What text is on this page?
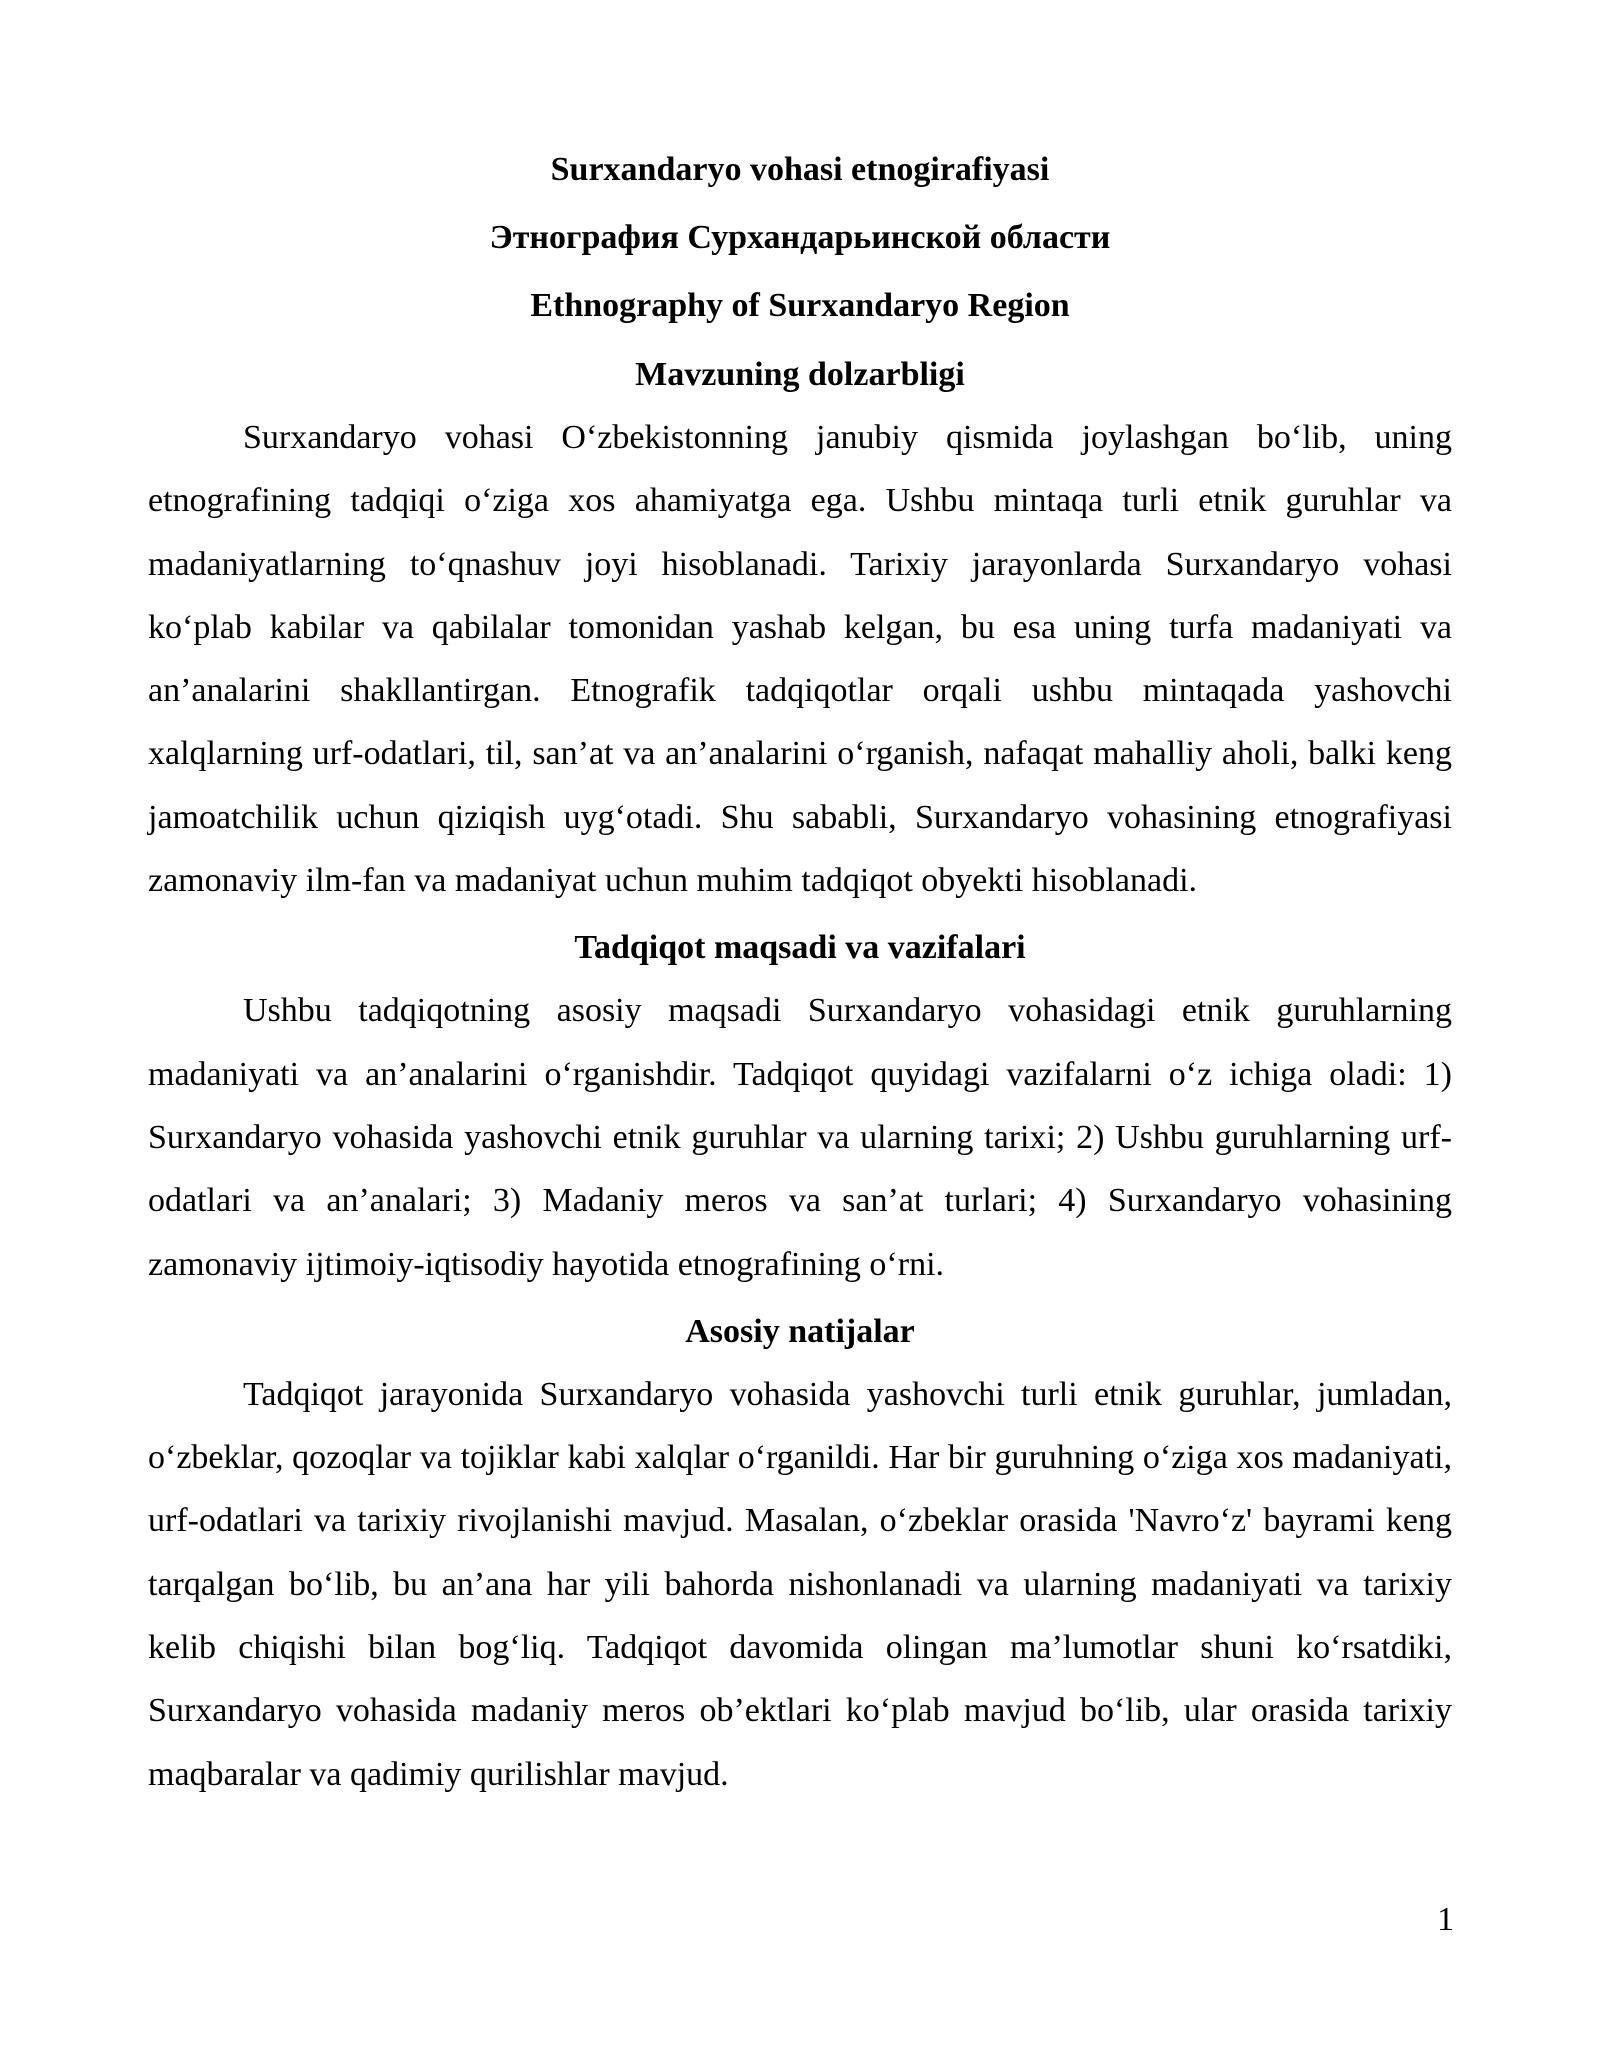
Surxandaryo vohasi etnogirafiyasi

Этнография Сурхандарьинской области

Ethnography of Surxandaryo Region

Mavzuning dolzarbligi

Surxandaryo vohasi O‘zbekistonning janubiy qismida joylashgan bo‘lib, uning etnografining tadqiqi o‘ziga xos ahamiyatga ega. Ushbu mintaqa turli etnik guruhlar va madaniyatlarning to‘qnashuv joyi hisoblanadi. Tarixiy jarayonlarda Surxandaryo vohasi ko‘plab kabilar va qabilalar tomonidan yashab kelgan, bu esa uning turfa madaniyati va an’analarini shakllantirgan. Etnografik tadqiqotlar orqali ushbu mintaqada yashovchi xalqlarning urf-odatlari, til, san’at va an’analarini o‘rganish, nafaqat mahalliy aholi, balki keng jamoatchilik uchun qiziqish uyg‘otadi. Shu sababli, Surxandaryo vohasining etnografiyasi zamonaviy ilm-fan va madaniyat uchun muhim tadqiqot obyekti hisoblanadi.

Tadqiqot maqsadi va vazifalari

Ushbu tadqiqotning asosiy maqsadi Surxandaryo vohasidagi etnik guruhlarning madaniyati va an’analarini o‘rganishdir. Tadqiqot quyidagi vazifalarni o‘z ichiga oladi: 1) Surxandaryo vohasida yashovchi etnik guruhlar va ularning tarixi; 2) Ushbu guruhlarning urf-odatlari va an’analari; 3) Madaniy meros va san’at turlari; 4) Surxandaryo vohasining zamonaviy ijtimoiy-iqtisodiy hayotida etnografining o‘rni.

Asosiy natijalar

Tadqiqot jarayonida Surxandaryo vohasida yashovchi turli etnik guruhlar, jumladan, o‘zbeklar, qozoqlar va tojiklar kabi xalqlar o‘rganildi. Har bir guruhning o‘ziga xos madaniyati, urf-odatlari va tarixiy rivojlanishi mavjud. Masalan, o‘zbeklar orasida 'Navro‘z' bayrami keng tarqalgan bo‘lib, bu an’ana har yili bahorda nishonlanadi va ularning madaniyati va tarixiy kelib chiqishi bilan bog‘liq. Tadqiqot davomida olingan ma’lumotlar shuni ko‘rsatdiki, Surxandaryo vohasida madaniy meros ob’ektlari ko‘plab mavjud bo‘lib, ular orasida tarixiy maqbaralar va qadimiy qurilishlar mavjud.

1
